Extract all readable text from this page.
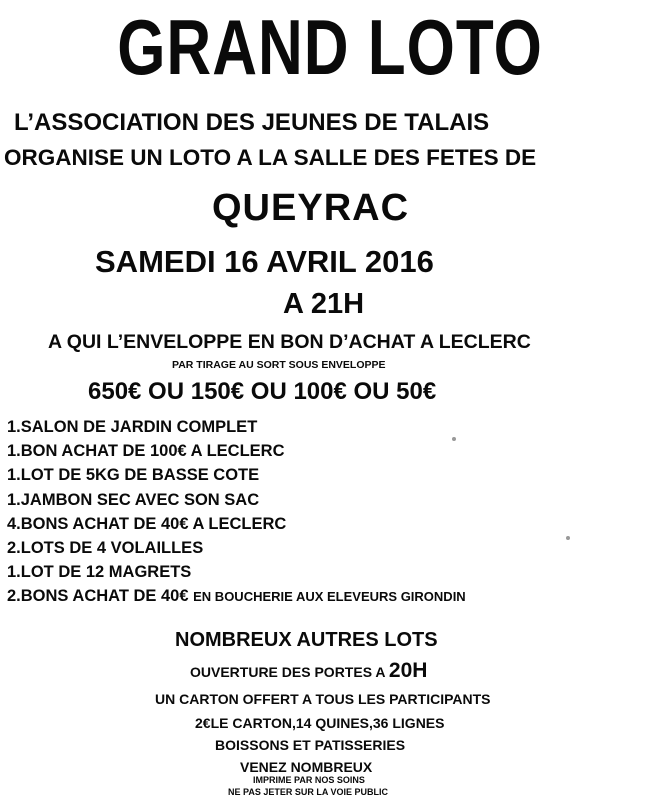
GRAND LOTO
L’ASSOCIATION DES JEUNES DE TALAIS
ORGANISE UN LOTO A LA SALLE DES FETES DE
QUEYRAC
SAMEDI 16 AVRIL 2016
A 21H
A QUI L’ENVELOPPE EN BON D’ACHAT A LECLERC
PAR TIRAGE AU SORT SOUS ENVELOPPE
650€ OU 150€ OU 100€ OU 50€
1.SALON DE JARDIN COMPLET
1.BON ACHAT DE 100€ A LECLERC
1.LOT DE 5KG DE BASSE COTE
1.JAMBON SEC AVEC SON SAC
4.BONS ACHAT DE 40€ A LECLERC
2.LOTS DE 4 VOLAILLES
1.LOT DE 12 MAGRETS
2.BONS ACHAT DE 40€ EN BOUCHERIE AUX ELEVEURS GIRONDIN
NOMBREUX AUTRES LOTS
OUVERTURE DES PORTES A 20H
UN CARTON OFFERT A TOUS LES PARTICIPANTS
2€LE CARTON,14 QUINES,36 LIGNES
BOISSONS ET PATISSERIES
VENEZ NOMBREUX
IMPRIME PAR NOS SOINS
NE PAS JETER SUR LA VOIE PUBLIC
